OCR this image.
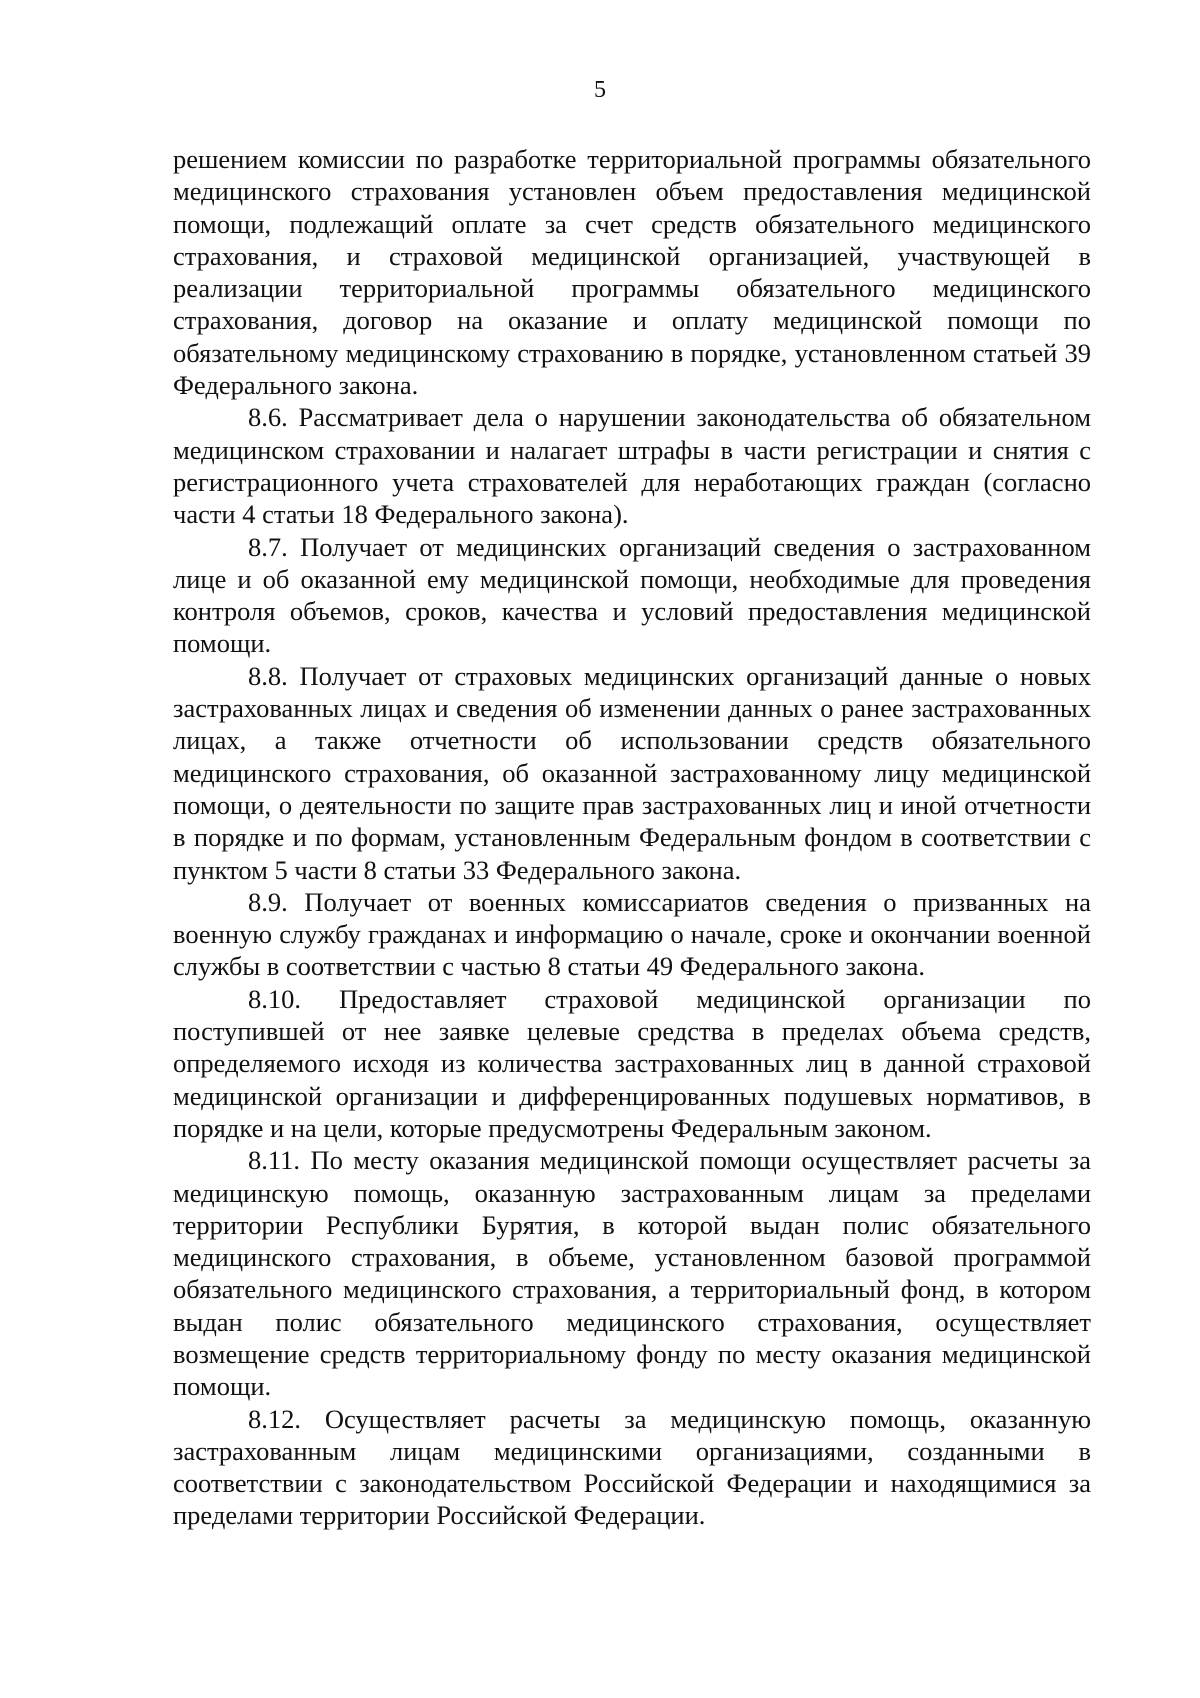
5

решением комиссии по разработке территориальной программы обязательного медицинского страхования установлен объем предоставления медицинской помощи, подлежащий оплате за счет средств обязательного медицинского страхования, и страховой медицинской организацией, участвующей в реализации территориальной программы обязательного медицинского страхования, договор на оказание и оплату медицинской помощи по обязательному медицинскому страхованию в порядке, установленном статьей 39 Федерального закона.

8.6. Рассматривает дела о нарушении законодательства об обязательном медицинском страховании и налагает штрафы в части регистрации и снятия с регистрационного учета страхователей для неработающих граждан (согласно части 4 статьи 18 Федерального закона).

8.7. Получает от медицинских организаций сведения о застрахованном лице и об оказанной ему медицинской помощи, необходимые для проведения контроля объемов, сроков, качества и условий предоставления медицинской помощи.

8.8. Получает от страховых медицинских организаций данные о новых застрахованных лицах и сведения об изменении данных о ранее застрахованных лицах, а также отчетности об использовании средств обязательного медицинского страхования, об оказанной застрахованному лицу медицинской помощи, о деятельности по защите прав застрахованных лиц и иной отчетности в порядке и по формам, установленным Федеральным фондом в соответствии с пунктом 5 части 8 статьи 33 Федерального закона.

8.9. Получает от военных комиссариатов сведения о призванных на военную службу гражданах и информацию о начале, сроке и окончании военной службы в соответствии с частью 8 статьи 49 Федерального закона.

8.10. Предоставляет страховой медицинской организации по поступившей от нее заявке целевые средства в пределах объема средств, определяемого исходя из количества застрахованных лиц в данной страховой медицинской организации и дифференцированных подушевых нормативов, в порядке и на цели, которые предусмотрены Федеральным законом.

8.11. По месту оказания медицинской помощи осуществляет расчеты за медицинскую помощь, оказанную застрахованным лицам за пределами территории Республики Бурятия, в которой выдан полис обязательного медицинского страхования, в объеме, установленном базовой программой обязательного медицинского страхования, а территориальный фонд, в котором выдан полис обязательного медицинского страхования, осуществляет возмещение средств территориальному фонду по месту оказания медицинской помощи.

8.12. Осуществляет расчеты за медицинскую помощь, оказанную застрахованным лицам медицинскими организациями, созданными в соответствии с законодательством Российской Федерации и находящимися за пределами территории Российской Федерации.
